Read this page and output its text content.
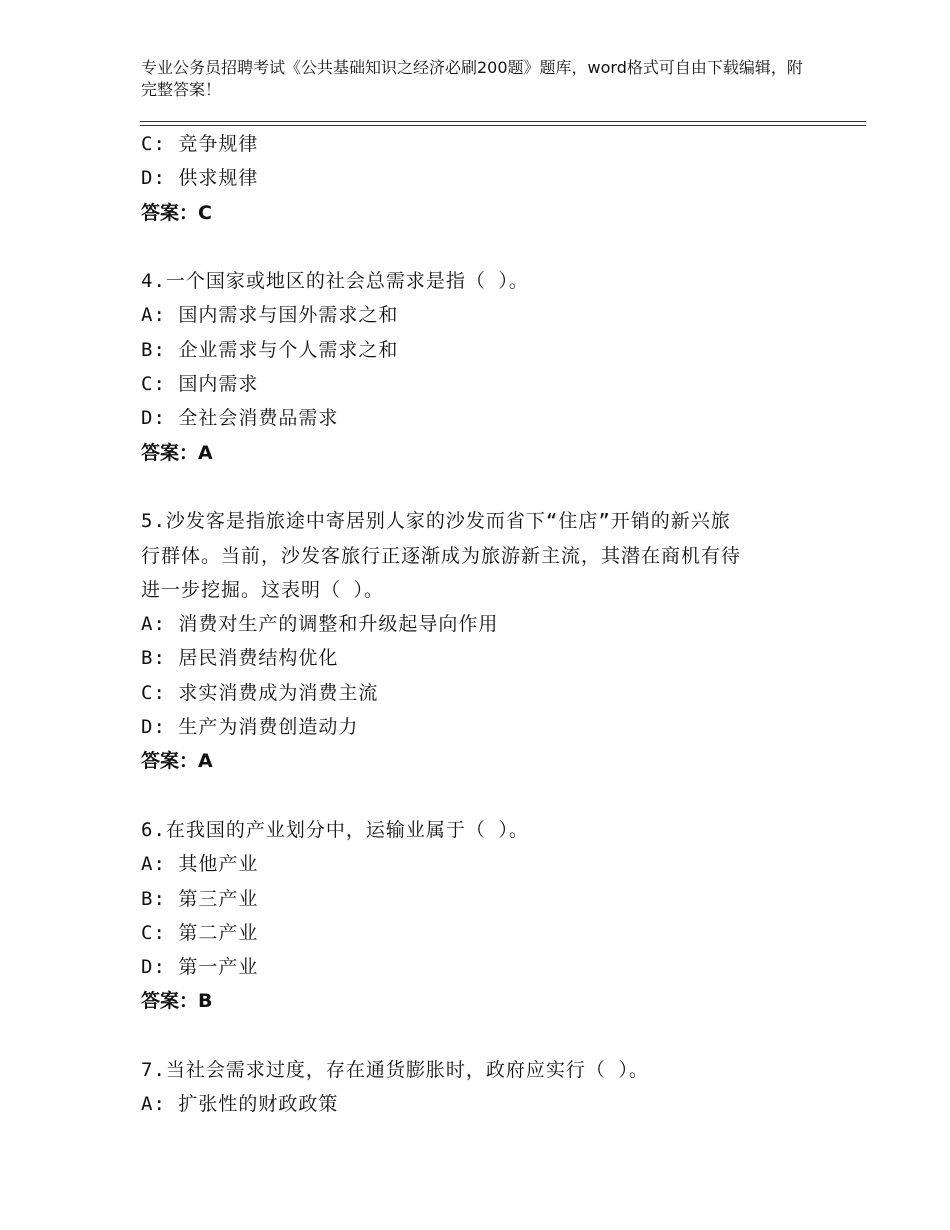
专业公务员招聘考试《公共基础知识之经济必刷200题》题库，word格式可自由下载编辑，附完整答案！
C: 竞争规律
D: 供求规律
答案：C
4.一个国家或地区的社会总需求是指（ ）。
A: 国内需求与国外需求之和
B: 企业需求与个人需求之和
C: 国内需求
D: 全社会消费品需求
答案：A
5.沙发客是指旅途中寄居别人家的沙发而省下“住店”开销的新兴旅
行群体。当前，沙发客旅行正逐渐成为旅游新主流，其潜在商机有待
进一步挖掘。这表明（ ）。
A: 消费对生产的调整和升级起导向作用
B: 居民消费结构优化
C: 求实消费成为消费主流
D: 生产为消费创造动力
答案：A
6.在我国的产业划分中，运输业属于（ ）。
A: 其他产业
B: 第三产业
C: 第二产业
D: 第一产业
答案：B
7.当社会需求过度，存在通货膨胀时，政府应实行（ ）。
A: 扩张性的财政政策
